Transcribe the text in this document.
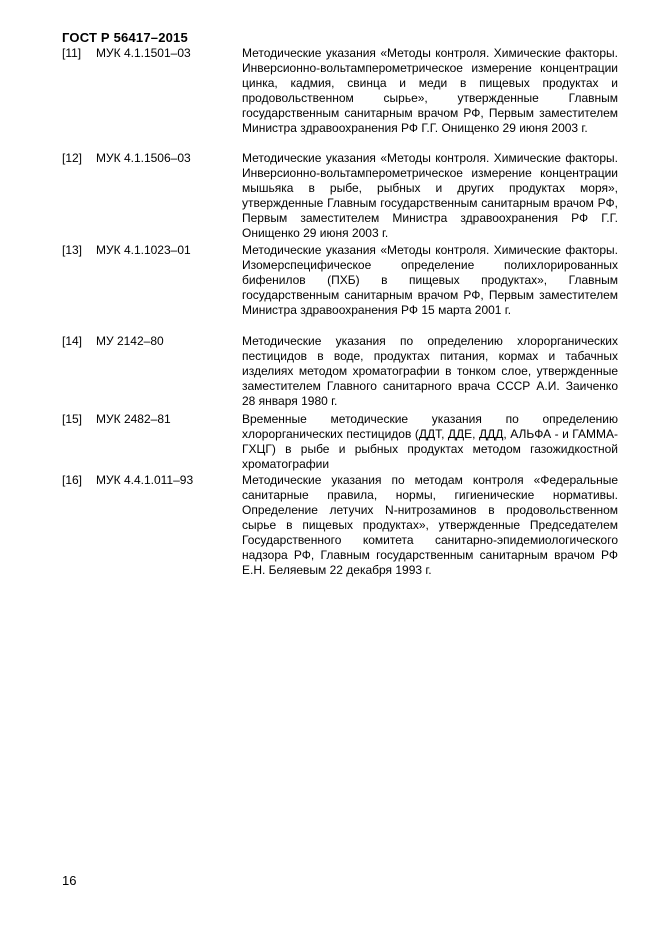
ГОСТ Р 56417–2015
[11]	МУК 4.1.1501–03	Методические указания «Методы контроля. Химические факторы. Инверсионно-вольтамперометрическое измерение концентрации цинка, кадмия, свинца и меди в пищевых продуктах и продовольственном сырье», утвержденные Главным государственным санитарным врачом РФ, Первым заместителем Министра здравоохранения РФ Г.Г. Онищенко 29 июня 2003 г.
[12]	МУК 4.1.1506–03	Методические указания «Методы контроля. Химические факторы. Инверсионно-вольтамперометрическое измерение концентрации мышьяка в рыбе, рыбных и других продуктах моря», утвержденные Главным государственным санитарным врачом РФ, Первым заместителем Министра здравоохранения РФ Г.Г. Онищенко 29 июня 2003 г.
[13]	МУК 4.1.1023–01	Методические указания «Методы контроля. Химические факторы. Изомерспецифическое определение полихлорированных бифенилов (ПХБ) в пищевых продуктах», Главным государственным санитарным врачом РФ, Первым заместителем Министра здравоохранения РФ 15 марта 2001 г.
[14]	МУ 2142–80	Методические указания по определению хлорорганических пестицидов в воде, продуктах питания, кормах и табачных изделиях методом хроматографии в тонком слое, утвержденные заместителем Главного санитарного врача СССР А.И. Заиченко 28 января 1980 г.
[15]	МУК 2482–81	Временные методические указания по определению хлорорганических пестицидов (ДДТ, ДДЕ, ДДД, АЛЬФА - и ГАММА-ГХЦГ) в рыбе и рыбных продуктах методом газожидкостной хроматографии
[16]	МУК 4.4.1.011–93	Методические указания по методам контроля «Федеральные санитарные правила, нормы, гигиенические нормативы. Определение летучих N-нитрозаминов в продовольственном сырье в пищевых продуктах», утвержденные Председателем Государственного комитета санитарно-эпидемиологического надзора РФ, Главным государственным санитарным врачом РФ Е.Н. Беляевым 22 декабря 1993 г.
16
